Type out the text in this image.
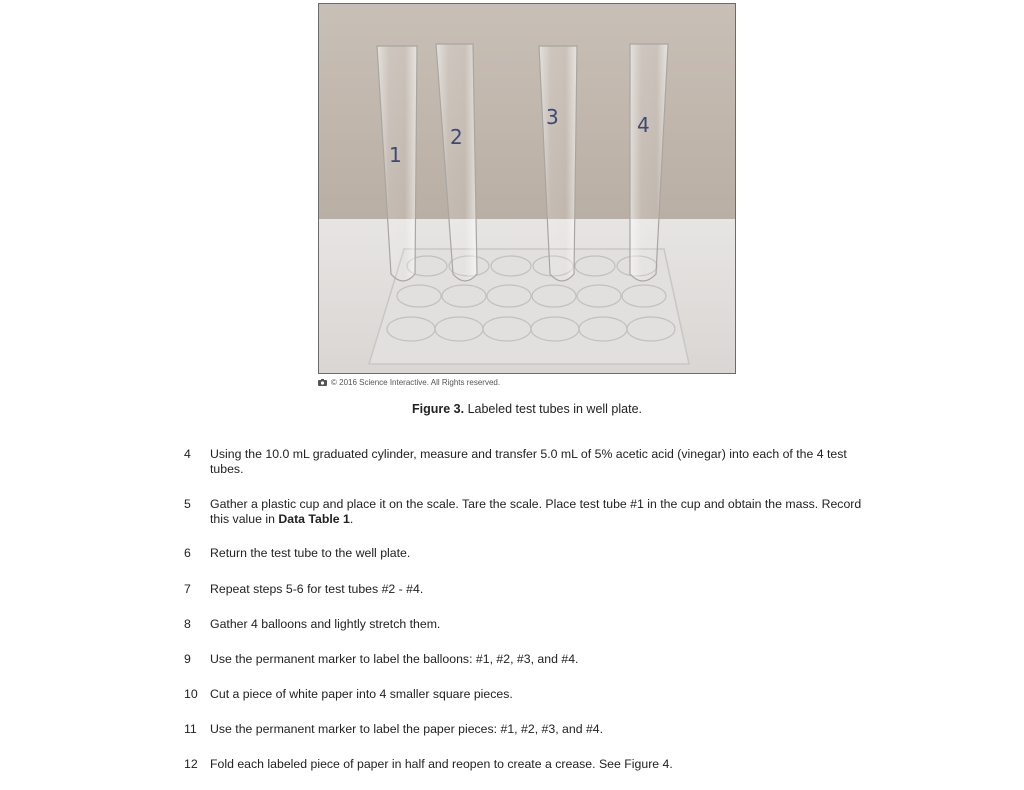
1
2
3	4
© 2016 Science Interactive. All Rights reserved.
Figure 3. Labeled test tubes in well plate.
4	Using the 10.0 mL graduated cylinder, measure and transfer 5.0 mL of 5% acetic acid (vinegar) into each of the 4 test tubes.
5	Gather a plastic cup and place it on the scale. Tare the scale. Place test tube #1 in the cup and obtain the mass. Record this value in Data Table 1.
6	Return the test tube to the well plate.
7	Repeat steps 5-6 for test tubes #2 - #4.
8	Gather 4 balloons and lightly stretch them.
9	Use the permanent marker to label the balloons: #1, #2, #3, and #4.
10	Cut a piece of white paper into 4 smaller square pieces.
11	Use the permanent marker to label the paper pieces: #1, #2, #3, and #4.
12	Fold each labeled piece of paper in half and reopen to create a crease. See Figure 4.
